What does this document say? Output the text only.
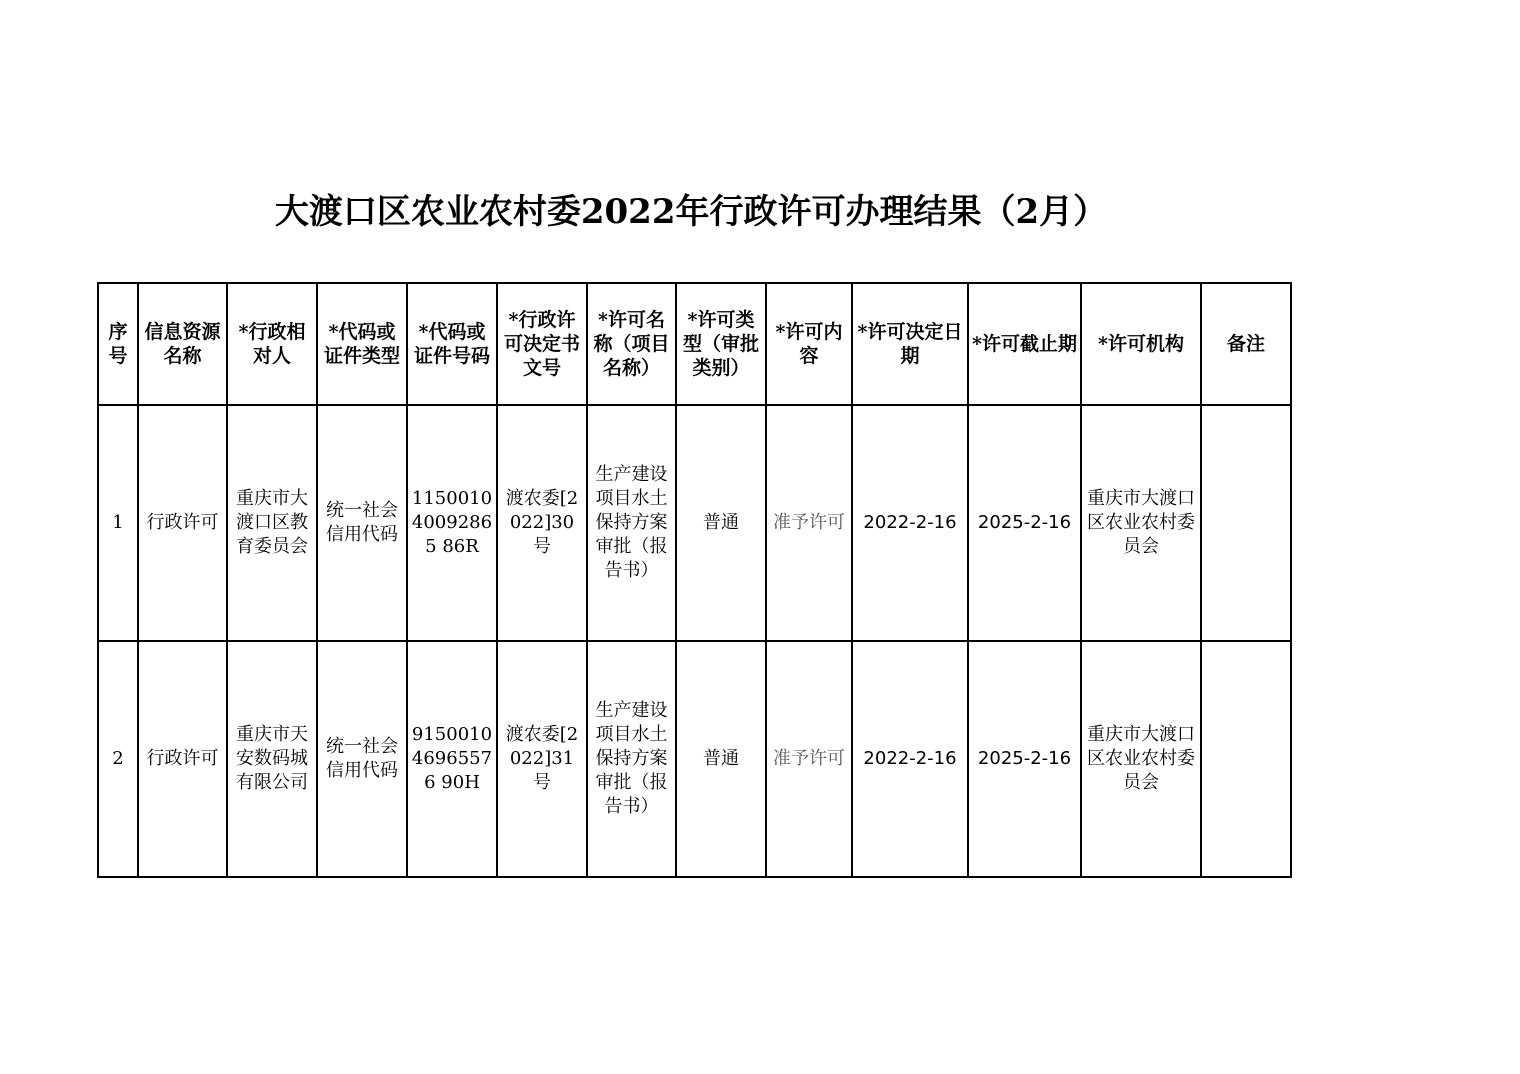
大渡口区农业农村委2022年行政许可办理结果（2月）
序号	信息资源名称	*行政相对人	*代码或证件类型	*代码或证件号码	*行政许可决定书文号	*许可名称（项目名称）	*许可类型（审批类别）	*许可内容	*许可决定日期	*许可截止期	*许可机构	备注
1	行政许可	重庆市大渡口区教育委员会	统一社会信用代码	115001040092865 86R	渡农委[2022]30号	生产建设项目水土保持方案审批（报告书）	普通	准予许可	2022-2-16	2025-2-16	重庆市大渡口区农业农村委员会	
2	行政许可	重庆市天安数码城有限公司	统一社会信用代码	915001046965576 90H	渡农委[2022]31号	生产建设项目水土保持方案审批（报告书）	普通	准予许可	2022-2-16	2025-2-16	重庆市大渡口区农业农村委员会	
